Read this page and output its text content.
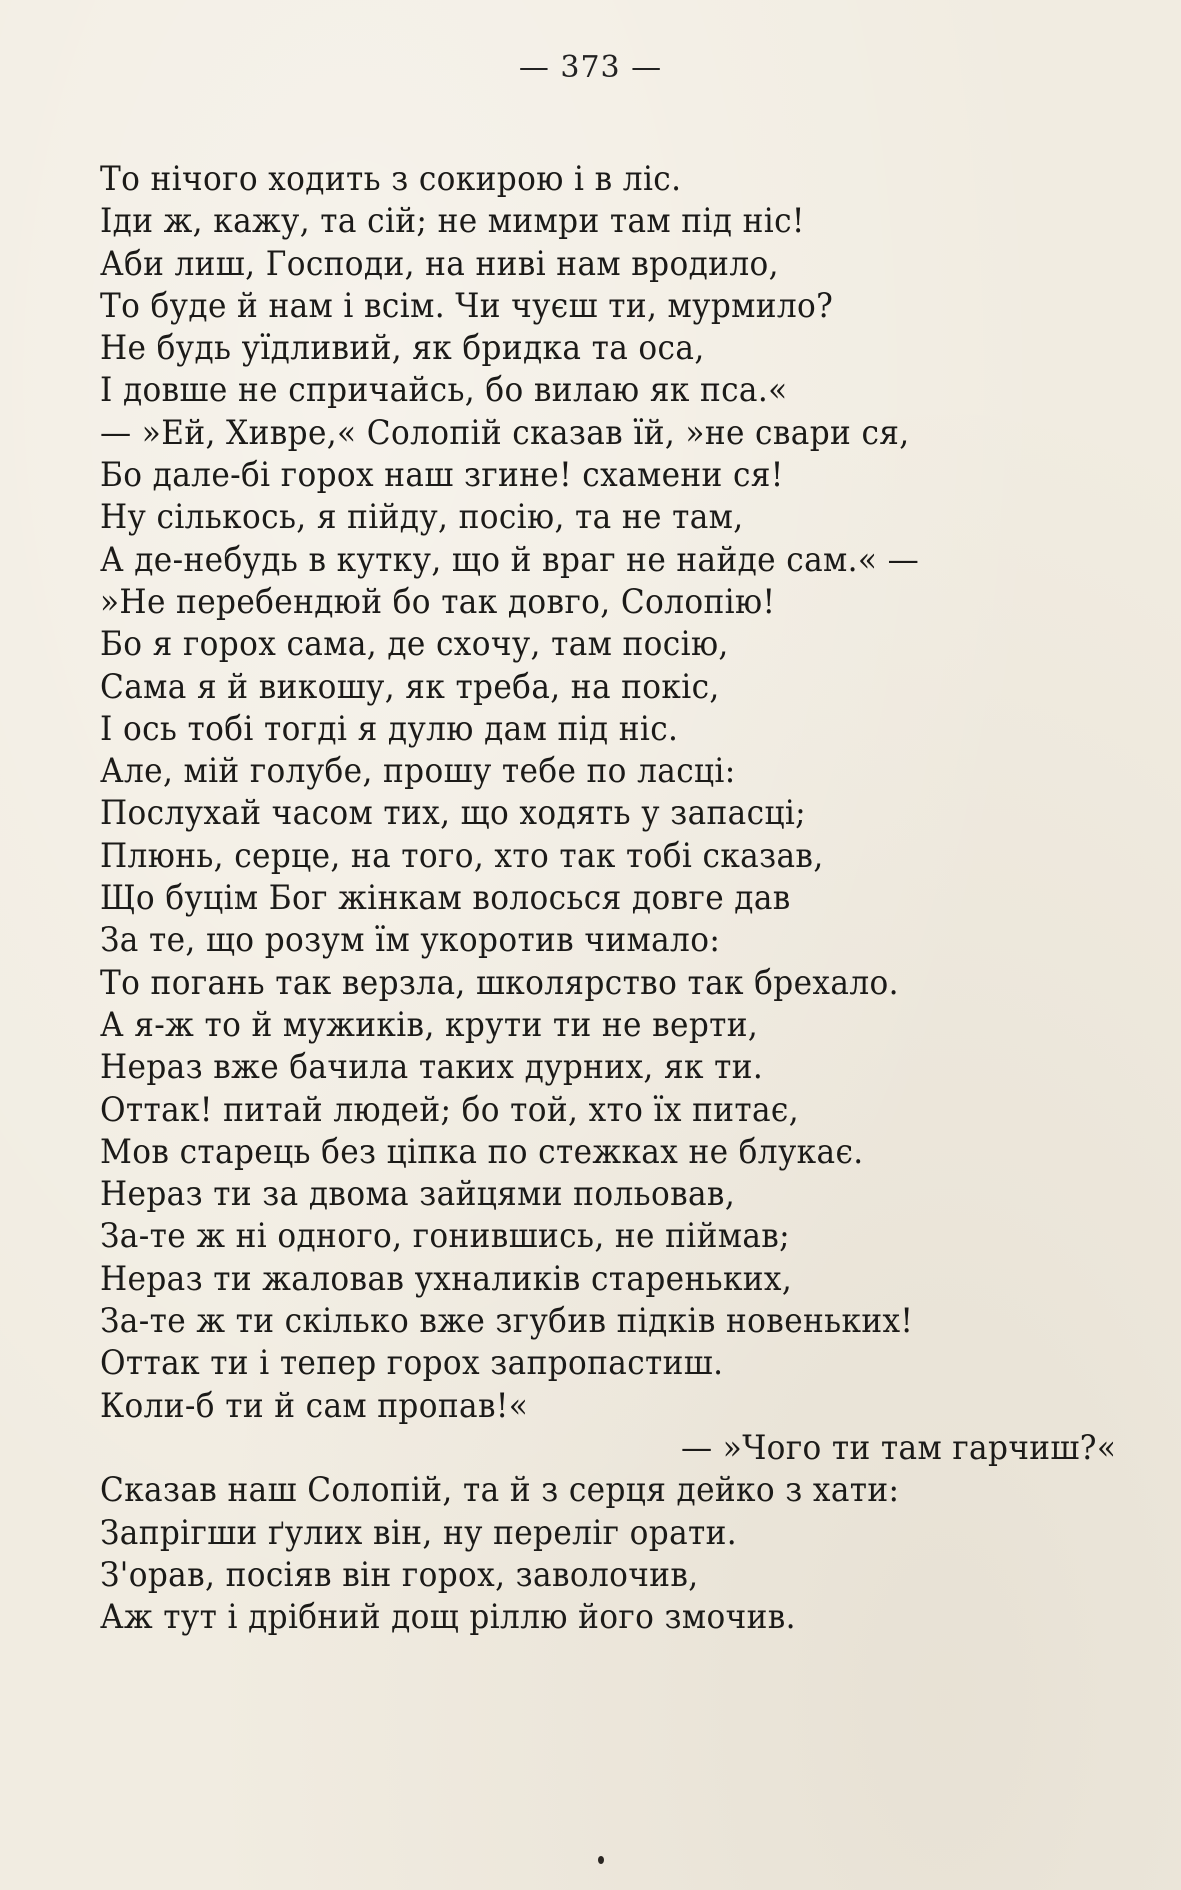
— 373 —
То нічого ходить з сокирою і в ліс.
Іди ж, кажу, та сій; не мимри там під ніс!
Аби лиш, Господи, на ниві нам вродило,
То буде й нам і всім. Чи чуєш ти, мурмило?
Не будь уїдливий, як бридка та оса,
І довше не спричайсь, бо вилаю як пса.«
— »Ей, Хивре,« Солопій сказав їй, »не свари ся,
Бо дале-бі горох наш згине! схамени ся!
Ну сількось, я пійду, посію, та не там,
А де-небудь в кутку, що й враг не найде сам.« —
»Не перебендюй бо так довго, Солопію!
Бо я горох сама, де схочу, там посію,
Сама я й викошу, як треба, на покіс,
І ось тобі тогді я дулю дам під ніс.
Але, мій голубе, прошу тебе по ласці:
Послухай часом тих, що ходять у запасці;
Плюнь, серце, на того, хто так тобі сказав,
Що буцім Бог жінкам волосься довге дав
За те, що розум їм укоротив чимало:
То погань так верзла, школярство так брехало.
А я-ж то й мужиків, крути ти не верти,
Нераз вже бачила таких дурних, як ти.
Оттак! питай людей; бо той, хто їх питає,
Мов старець без ціпка по стежках не блукає.
Нераз ти за двома зайцями польовав,
За-те ж ні одного, гонившись, не піймав;
Нераз ти жаловав ухналиків стареньких,
За-те ж ти скілько вже згубив підків новеньких!
Оттак ти і тепер горох запропастиш.
Коли-б ти й сам пропав!«
— »Чого ти там гарчиш?«
Сказав наш Солопій, та й з серця дейко з хати:
Запрігши ґулих він, ну переліг орати.
З'орав, посіяв він горох, заволочив,
Аж тут і дрібний дощ ріллю його змочив.
